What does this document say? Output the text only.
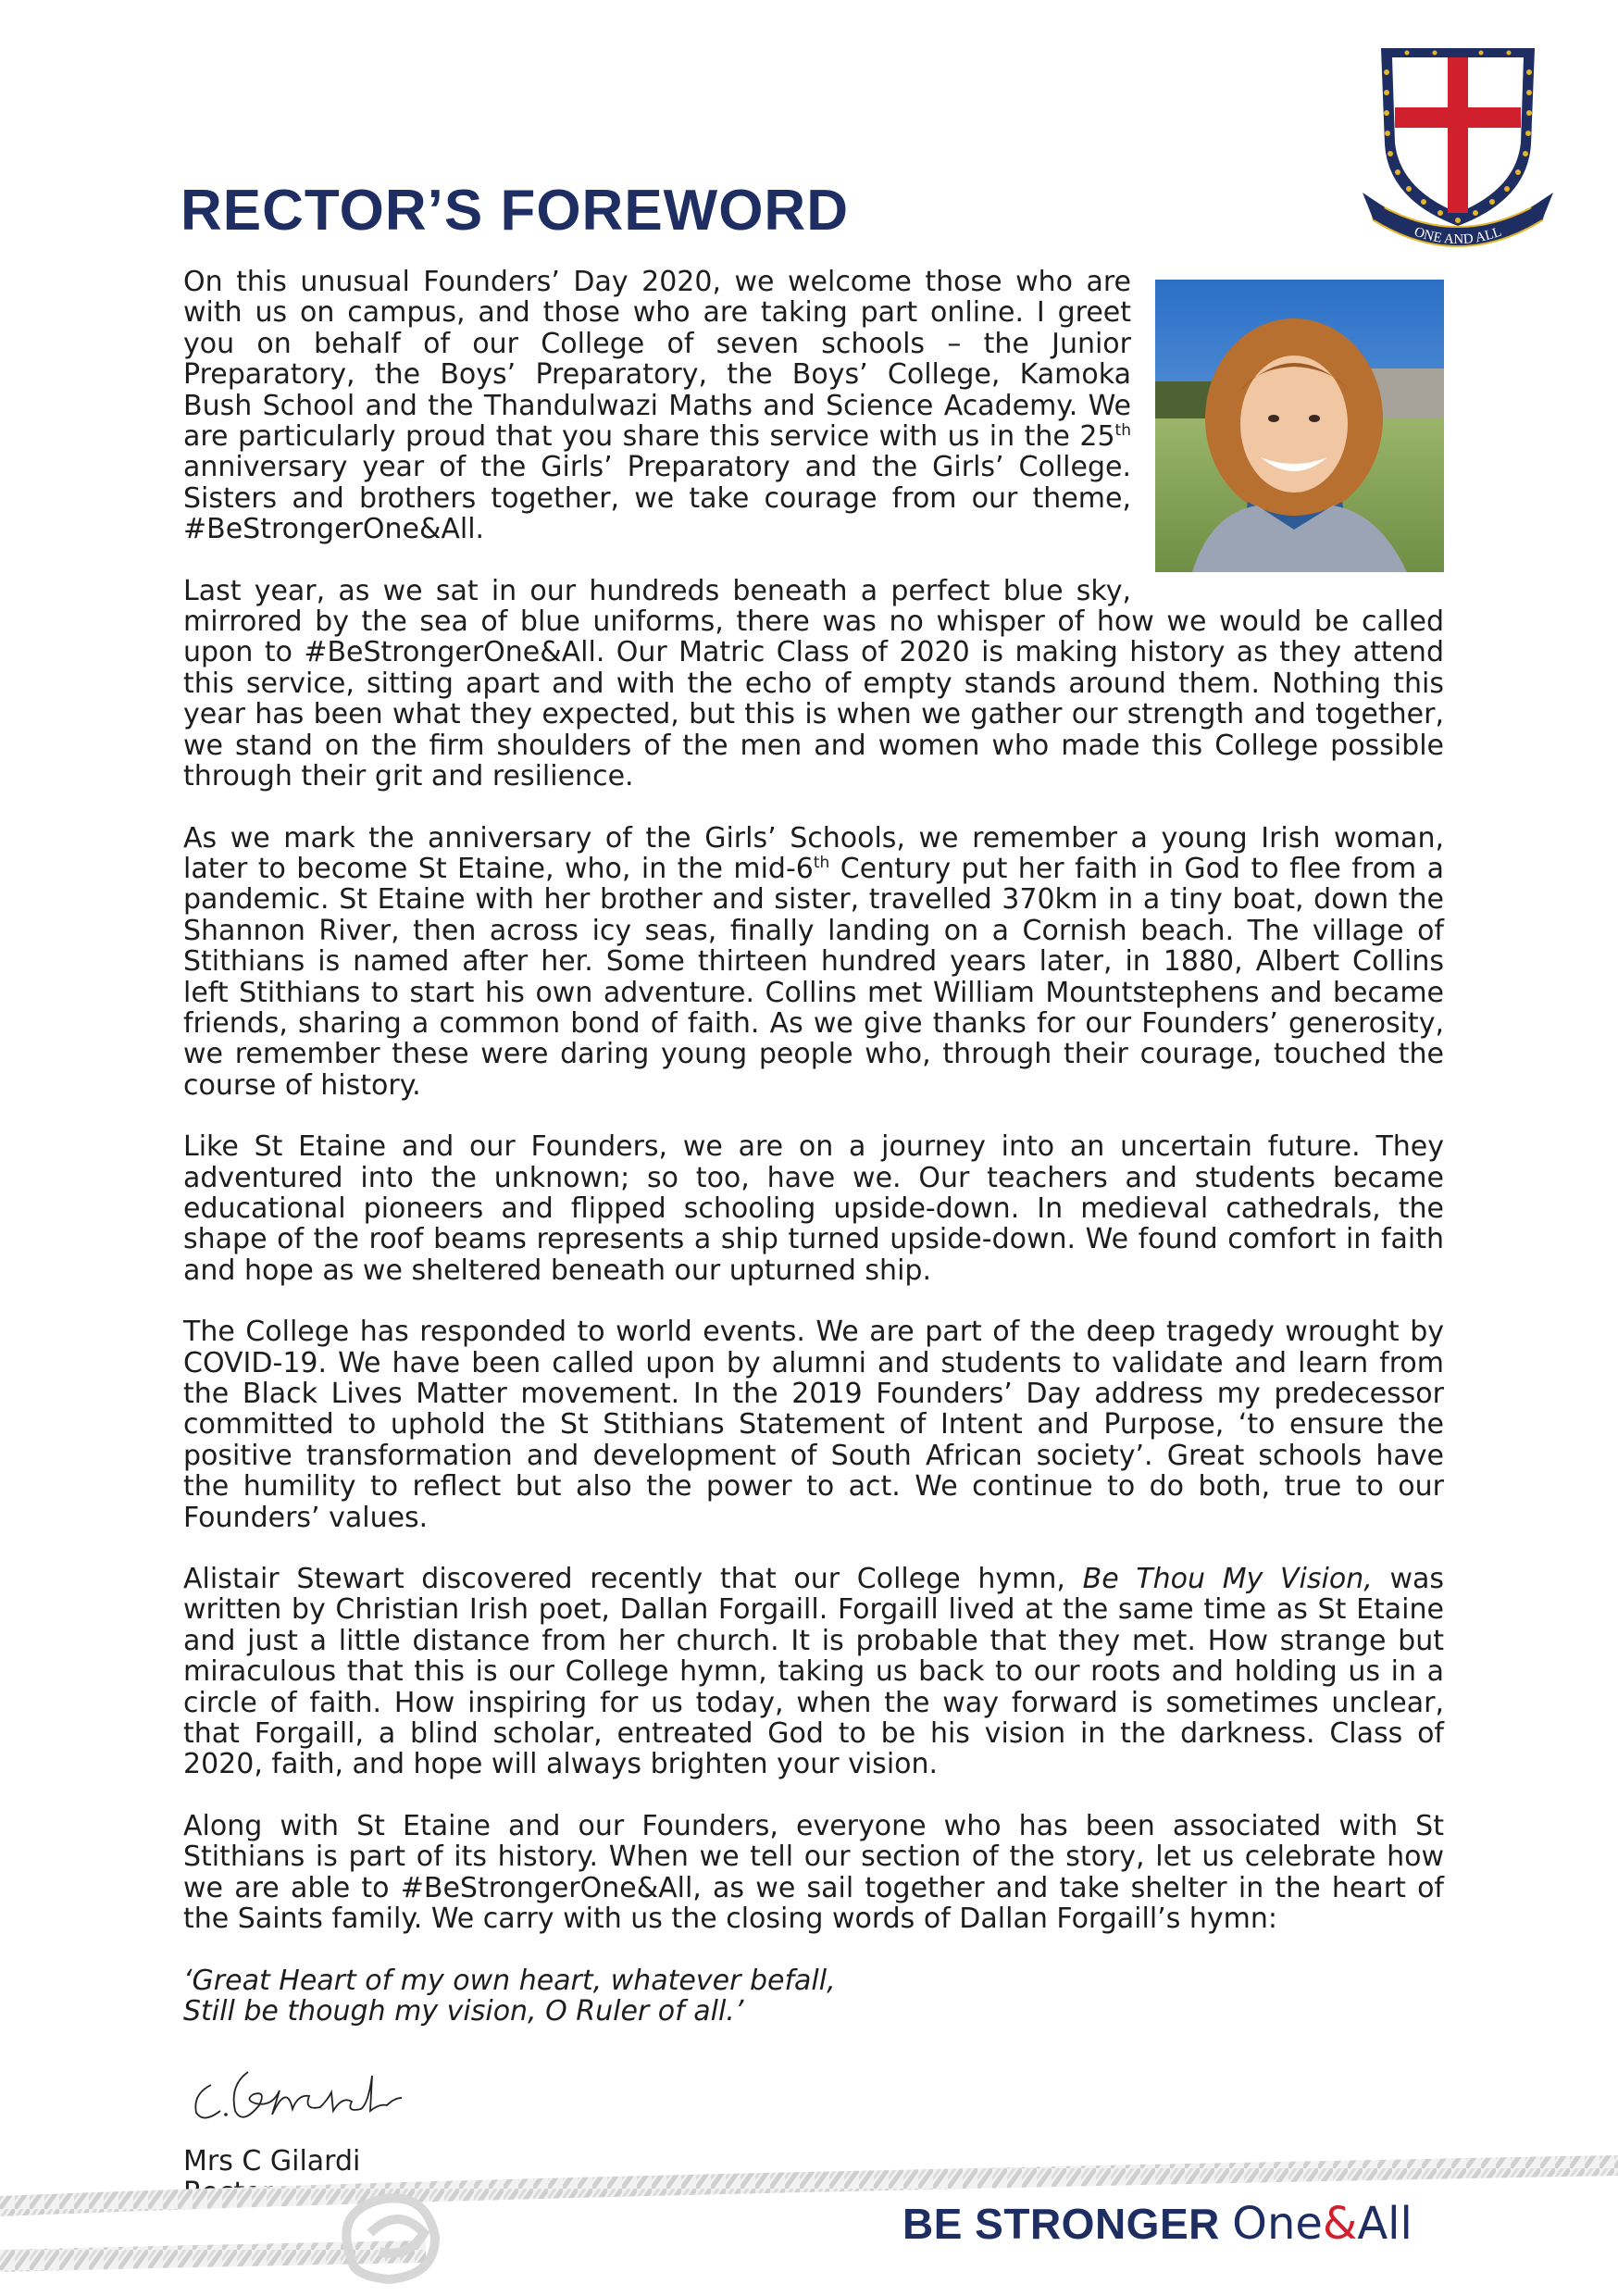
ONE AND ALL
RECTOR’S FOREWORD

On this unusual Founders’ Day 2020, we welcome those who are with us on campus, and those who are taking part online. I greet you on behalf of our College of seven schools – the Junior Preparatory, the Boys’ Preparatory, the Boys’ College, Kamoka Bush School and the Thandulwazi Maths and Science Academy. We are particularly proud that you share this service with us in the 25th anniversary year of the Girls’ Preparatory and the Girls’ College. Sisters and brothers together, we take courage from our theme, #BeStrongerOne&All.

Last year, as we sat in our hundreds beneath a perfect blue sky, mirrored by the sea of blue uniforms, there was no whisper of how we would be called upon to #BeStrongerOne&All. Our Matric Class of 2020 is making history as they attend this service, sitting apart and with the echo of empty stands around them. Nothing this year has been what they expected, but this is when we gather our strength and together, we stand on the firm shoulders of the men and women who made this College possible through their grit and resilience.

As we mark the anniversary of the Girls’ Schools, we remember a young Irish woman, later to become St Etaine, who, in the mid-6th Century put her faith in God to flee from a pandemic. St Etaine with her brother and sister, travelled 370km in a tiny boat, down the Shannon River, then across icy seas, finally landing on a Cornish beach. The village of Stithians is named after her. Some thirteen hundred years later, in 1880, Albert Collins left Stithians to start his own adventure. Collins met William Mountstephens and became friends, sharing a common bond of faith. As we give thanks for our Founders’ generosity, we remember these were daring young people who, through their courage, touched the course of history.

Like St Etaine and our Founders, we are on a journey into an uncertain future. They adventured into the unknown; so too, have we. Our teachers and students became educational pioneers and flipped schooling upside-down. In medieval cathedrals, the shape of the roof beams represents a ship turned upside-down. We found comfort in faith and hope as we sheltered beneath our upturned ship.

The College has responded to world events. We are part of the deep tragedy wrought by COVID-19. We have been called upon by alumni and students to validate and learn from the Black Lives Matter movement. In the 2019 Founders’ Day address my predecessor committed to uphold the St Stithians Statement of Intent and Purpose, ‘to ensure the positive transformation and development of South African society’. Great schools have the humility to reflect but also the power to act. We continue to do both, true to our Founders’ values.

Alistair Stewart discovered recently that our College hymn, Be Thou My Vision, was written by Christian Irish poet, Dallan Forgaill. Forgaill lived at the same time as St Etaine and just a little distance from her church. It is probable that they met. How strange but miraculous that this is our College hymn, taking us back to our roots and holding us in a circle of faith. How inspiring for us today, when the way forward is sometimes unclear, that Forgaill, a blind scholar, entreated God to be his vision in the darkness. Class of 2020, faith, and hope will always brighten your vision.

Along with St Etaine and our Founders, everyone who has been associated with St Stithians is part of its history. When we tell our section of the story, let us celebrate how we are able to #BeStrongerOne&All, as we sail together and take shelter in the heart of the Saints family. We carry with us the closing words of Dallan Forgaill’s hymn:

‘Great Heart of my own heart, whatever befall,
Still be though my vision, O Ruler of all.’

C. Gilardi

Mrs C Gilardi

BE STRONGER One&All
